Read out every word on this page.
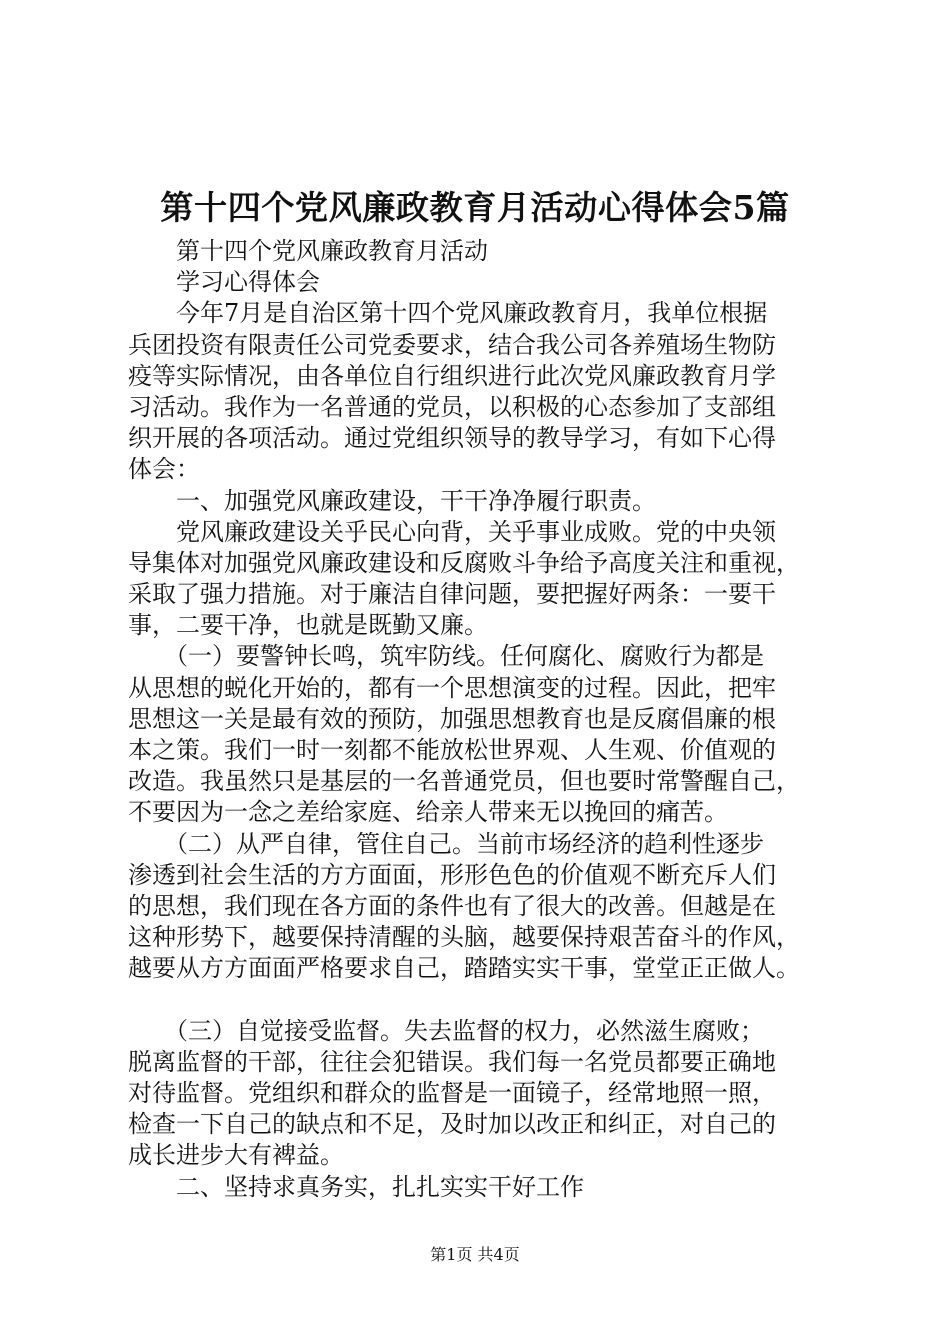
第十四个党风廉政教育月活动心得体会5篇
　　第十四个党风廉政教育月活动
　　学习心得体会
　　今年7月是自治区第十四个党风廉政教育月，我单位根据
兵团投资有限责任公司党委要求，结合我公司各养殖场生物防
疫等实际情况，由各单位自行组织进行此次党风廉政教育月学
习活动。我作为一名普通的党员，以积极的心态参加了支部组
织开展的各项活动。通过党组织领导的教导学习，有如下心得
体会：
　　一、加强党风廉政建设，干干净净履行职责。
　　党风廉政建设关乎民心向背，关乎事业成败。党的中央领
导集体对加强党风廉政建设和反腐败斗争给予高度关注和重视，
采取了强力措施。对于廉洁自律问题，要把握好两条：一要干
事，二要干净，也就是既勤又廉。
　　（一）要警钟长鸣，筑牢防线。任何腐化、腐败行为都是
从思想的蜕化开始的，都有一个思想演变的过程。因此，把牢
思想这一关是最有效的预防，加强思想教育也是反腐倡廉的根
本之策。我们一时一刻都不能放松世界观、人生观、价值观的
改造。我虽然只是基层的一名普通党员，但也要时常警醒自己，
不要因为一念之差给家庭、给亲人带来无以挽回的痛苦。
　　（二）从严自律，管住自己。当前市场经济的趋利性逐步
渗透到社会生活的方方面面，形形色色的价值观不断充斥人们
的思想，我们现在各方面的条件也有了很大的改善。但越是在
这种形势下，越要保持清醒的头脑，越要保持艰苦奋斗的作风，
越要从方方面面严格要求自己，踏踏实实干事，堂堂正正做人。
　　（三）自觉接受监督。失去监督的权力，必然滋生腐败；
脱离监督的干部，往往会犯错误。我们每一名党员都要正确地
对待监督。党组织和群众的监督是一面镜子，经常地照一照，
检查一下自己的缺点和不足，及时加以改正和纠正，对自己的
成长进步大有裨益。
　　二、坚持求真务实，扎扎实实干好工作
第1页 共4页
